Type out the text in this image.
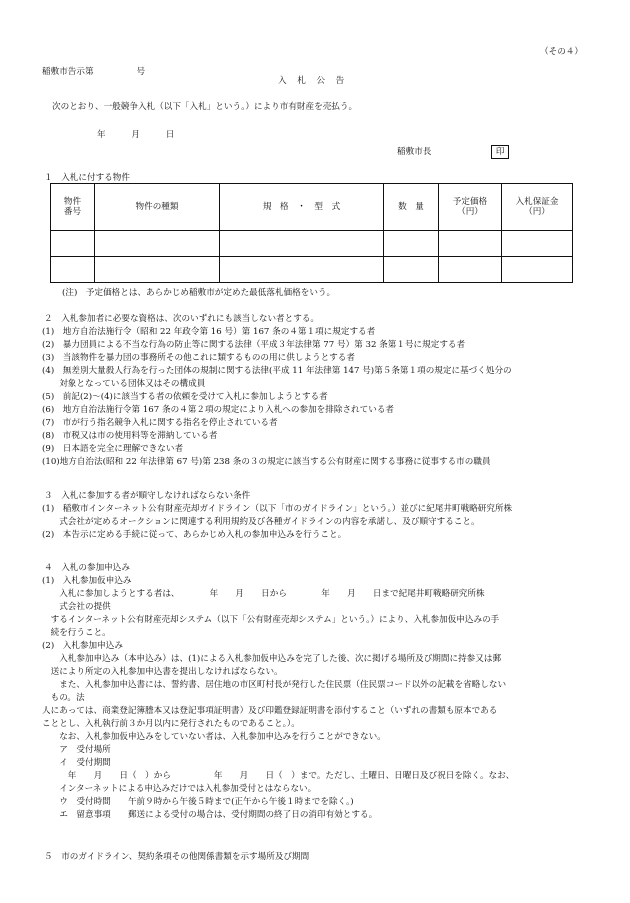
（その４）
稲敷市告示第　　　　　号
入　札　公　告
次のとおり、一般競争入札（以下「入札」という。）により市有財産を売払う。
年　　　月　　　日
稲敷市長	印
１　入札に付する物件
物件番号	物件の種類	規　格　・　型　式	数　量	予定価格（円）	入札保証金（円）

(注)　予定価格とは、あらかじめ稲敷市が定めた最低落札価格をいう。
２　入札参加者に必要な資格は、次のいずれにも該当しない者とする。
(1)　地方自治法施行令（昭和 22 年政令第 16 号）第 167 条の４第１項に規定する者
(2)　暴力団員による不当な行為の防止等に関する法律（平成３年法律第 77 号）第 32 条第１号に規定する者
(3)　当該物件を暴力団の事務所その他これに類するものの用に供しようとする者
(4)　無差別大量殺人行為を行った団体の規制に関する法律(平成 11 年法律第 147 号)第５条第１項の規定に基づく処分の
　　対象となっている団体又はその構成員
(5)　前記(2)～(4)に該当する者の依頼を受けて入札に参加しようとする者
(6)　地方自治法施行令第 167 条の４第２項の規定により入札への参加を排除されている者
(7)　市が行う指名競争入札に関する指名を停止されている者
(8)　市税又は市の使用料等を滞納している者
(9)　日本語を完全に理解できない者
(10)地方自治法(昭和 22 年法律第 67 号)第 238 条の３の規定に該当する公有財産に関する事務に従事する市の職員
３　入札に参加する者が順守しなければならない条件
(1)　稲敷市インターネット公有財産売却ガイドライン（以下「市のガイドライン」という。）並びに紀尾井町戦略研究所株
　　式会社が定めるオークションに関連する利用規約及び各種ガイドラインの内容を承諾し、及び順守すること。
(2)　本告示に定める手続に従って、あらかじめ入札の参加申込みを行うこと。
４　入札の参加申込み
(1)　入札参加仮申込み
　　入札に参加しようとする者は、　　　　年　　月　　日から　　　　年　　月　　日まで紀尾井町戦略研究所株
　　式会社の提供
　するインターネット公有財産売却システム（以下「公有財産売却システム」という。）により、入札参加仮申込みの手
　続を行うこと。
(2)　入札参加申込み
　　入札参加申込み（本申込み）は、(1)による入札参加仮申込みを完了した後、次に掲げる場所及び期間に持参又は郵
　送により所定の入札参加申込書を提出しなければならない。
　　また、入札参加申込書には、誓約書、居住地の市区町村長が発行した住民票（住民票コード以外の記載を省略しない
　もの。法
人にあっては、商業登記簿謄本又は登記事項証明書）及び印鑑登録証明書を添付すること（いずれの書類も原本である
こととし、入札執行前３か月以内に発行されたものであること。）。
　　なお、入札参加仮申込みをしていない者は、入札参加申込みを行うことができない。
　　ア　受付場所
　　イ　受付期間
　　　年　　月　　日（　）から　　　　　年　　月　　日（　）まで。ただし、土曜日、日曜日及び祝日を除く。なお、
　　インターネットによる申込みだけでは入札参加受付とはならない。
　　ウ　受付時間　　午前９時から午後５時まで(正午から午後１時までを除く。)
　　エ　留意事項　　郵送による受付の場合は、受付期間の終了日の消印有効とする。
５　市のガイドライン、契約条項その他関係書類を示す場所及び期間
